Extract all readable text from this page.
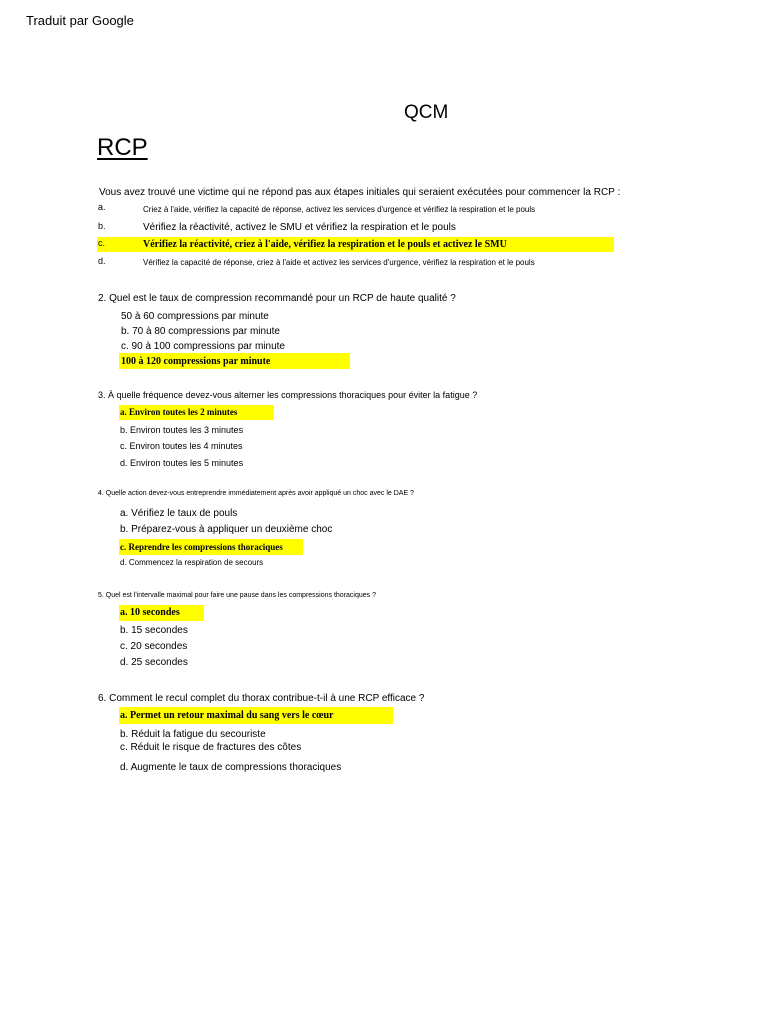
Traduit par Google
QCM
RCP
Vous avez trouvé une victime qui ne répond pas aux étapes initiales qui seraient exécutées pour commencer la RCP :
a.	Criez à l'aide, vérifiez la capacité de réponse, activez les services d'urgence et vérifiez la respiration et le pouls
b.	Vérifiez la réactivité, activez le SMU et vérifiez la respiration et le pouls
c.	Vérifiez la réactivité, criez à l'aide, vérifiez la respiration et le pouls et activez le SMU
d.	Vérifiez la capacité de réponse, criez à l'aide et activez les services d'urgence, vérifiez la respiration et le pouls
2. Quel est le taux de compression recommandé pour un RCP de haute qualité ?
50 à 60 compressions par minute
b. 70 à 80 compressions par minute
c. 90 à 100 compressions par minute
100 à 120 compressions par minute
3. À quelle fréquence devez-vous alterner les compressions thoraciques pour éviter la fatigue ?
a. Environ toutes les 2 minutes
b. Environ toutes les 3 minutes
c. Environ toutes les 4 minutes
d. Environ toutes les 5 minutes
4. Quelle action devez-vous entreprendre immédiatement après avoir appliqué un choc avec le DAE ?
a. Vérifiez le taux de pouls
b. Préparez-vous à appliquer un deuxième choc
c. Reprendre les compressions thoraciques
d. Commencez la respiration de secours
5. Quel est l'intervalle maximal pour faire une pause dans les compressions thoraciques ?
a. 10 secondes
b. 15 secondes
c. 20 secondes
d. 25 secondes
6. Comment le recul complet du thorax contribue-t-il à une RCP efficace ?
a. Permet un retour maximal du sang vers le cœur
b. Réduit la fatigue du secouriste
c. Réduit le risque de fractures des côtes
d. Augmente le taux de compressions thoraciques
